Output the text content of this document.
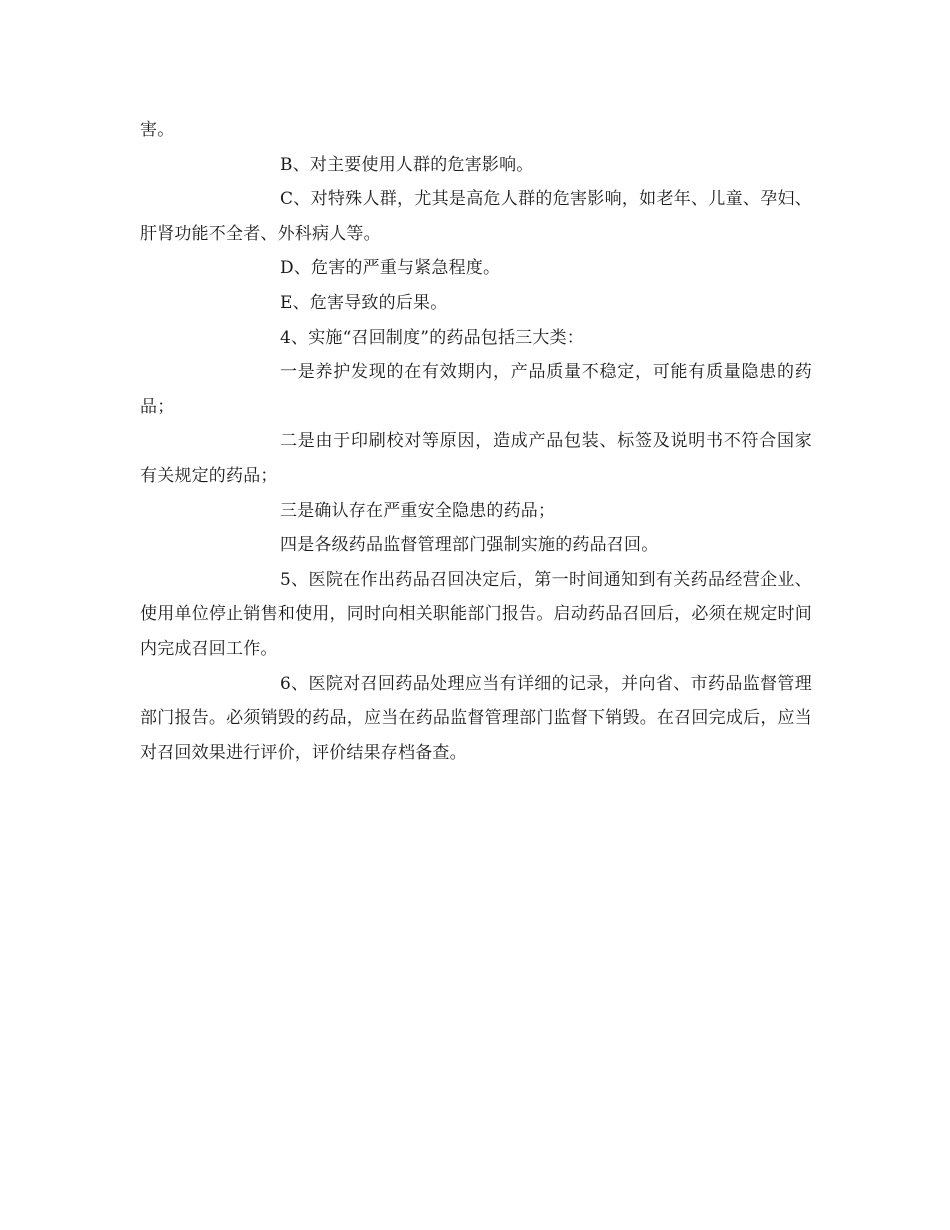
害。

B、对主要使用人群的危害影响。

C、对特殊人群，尤其是高危人群的危害影响，如老年、儿童、孕妇、肝肾功能不全者、外科病人等。

D、危害的严重与紧急程度。

E、危害导致的后果。

4、实施“召回制度”的药品包括三大类：

一是养护发现的在有效期内，产品质量不稳定，可能有质量隐患的药品；

二是由于印刷校对等原因，造成产品包装、标签及说明书不符合国家有关规定的药品；

三是确认存在严重安全隐患的药品；

四是各级药品监督管理部门强制实施的药品召回。

5、医院在作出药品召回决定后，第一时间通知到有关药品经营企业、使用单位停止销售和使用，同时向相关职能部门报告。启动药品召回后，必须在规定时间内完成召回工作。

6、医院对召回药品处理应当有详细的记录，并向省、市药品监督管理部门报告。必须销毁的药品，应当在药品监督管理部门监督下销毁。在召回完成后，应当对召回效果进行评价，评价结果存档备查。
